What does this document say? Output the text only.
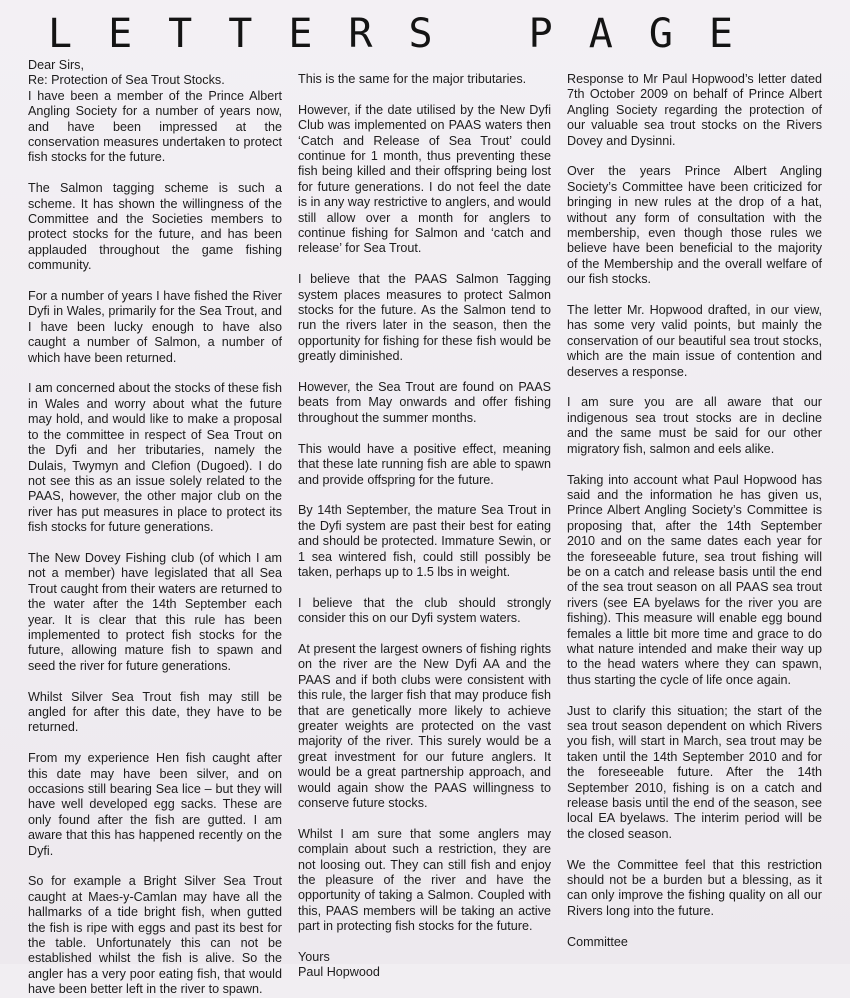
LETTERS PAGE

Dear Sirs,

Re: Protection of Sea Trout Stocks.

I have been a member of the Prince Albert Angling Society for a number of years now, and have been impressed at the conservation measures undertaken to protect fish stocks for the future.

The Salmon tagging scheme is such a scheme. It has shown the willingness of the Committee and the Societies members to protect stocks for the future, and has been applauded throughout the game fishing community.

For a number of years I have fished the River Dyfi in Wales, primarily for the Sea Trout, and I have been lucky enough to have also caught a number of Salmon, a number of which have been returned.

I am concerned about the stocks of these fish in Wales and worry about what the future may hold, and would like to make a proposal to the committee in respect of Sea Trout on the Dyfi and her tributaries, namely the Dulais, Twymyn and Clefion (Dugoed). I do not see this as an issue solely related to the PAAS, however, the other major club on the river has put measures in place to protect its fish stocks for future generations.

The New Dovey Fishing club (of which I am not a member) have legislated that all Sea Trout caught from their waters are returned to the water after the 14th September each year. It is clear that this rule has been implemented to protect fish stocks for the future, allowing mature fish to spawn and seed the river for future generations.

Whilst Silver Sea Trout fish may still be angled for after this date, they have to be returned.

From my experience Hen fish caught after this date may have been silver, and on occasions still bearing Sea lice – but they will have well developed egg sacks. These are only found after the fish are gutted. I am aware that this has happened recently on the Dyfi.

So for example a Bright Silver Sea Trout caught at Maes-y-Camlan may have all the hallmarks of a tide bright fish, when gutted the fish is ripe with eggs and past its best for the table. Unfortunately this can not be established whilst the fish is alive. So the angler has a very poor eating fish, that would have been better left in the river to spawn.

This is the same for the major tributaries.

However, if the date utilised by the New Dyfi Club was implemented on PAAS waters then ‘Catch and Release of Sea Trout’ could continue for 1 month, thus preventing these fish being killed and their offspring being lost for future generations. I do not feel the date is in any way restrictive to anglers, and would still allow over a month for anglers to continue fishing for Salmon and ‘catch and release’ for Sea Trout.

I believe that the PAAS Salmon Tagging system places measures to protect Salmon stocks for the future. As the Salmon tend to run the rivers later in the season, then the opportunity for fishing for these fish would be greatly diminished.

However, the Sea Trout are found on PAAS beats from May onwards and offer fishing throughout the summer months.

This would have a positive effect, meaning that these late running fish are able to spawn and provide offspring for the future.

By 14th September, the mature Sea Trout in the Dyfi system are past their best for eating and should be protected. Immature Sewin, or 1 sea wintered fish, could still possibly be taken, perhaps up to 1.5 lbs in weight.

I believe that the club should strongly consider this on our Dyfi system waters.

At present the largest owners of fishing rights on the river are the New Dyfi AA and the PAAS and if both clubs were consistent with this rule, the larger fish that may produce fish that are genetically more likely to achieve greater weights are protected on the vast majority of the river. This surely would be a great investment for our future anglers. It would be a great partnership approach, and would again show the PAAS willingness to conserve future stocks.

Whilst I am sure that some anglers may complain about such a restriction, they are not loosing out. They can still fish and enjoy the pleasure of the river and have the opportunity of taking a Salmon. Coupled with this, PAAS members will be taking an active part in protecting fish stocks for the future.

Yours

Paul Hopwood

Response to Mr Paul Hopwood’s letter dated 7th October 2009 on behalf of Prince Albert Angling Society regarding the protection of our valuable sea trout stocks on the Rivers Dovey and Dysinni.

Over the years Prince Albert Angling Society’s Committee have been criticized for bringing in new rules at the drop of a hat, without any form of consultation with the membership, even though those rules we believe have been beneficial to the majority of the Membership and the overall welfare of our fish stocks.

The letter Mr. Hopwood drafted, in our view, has some very valid points, but mainly the conservation of our beautiful sea trout stocks, which are the main issue of contention and deserves a response.

I am sure you are all aware that our indigenous sea trout stocks are in decline and the same must be said for our other migratory fish, salmon and eels alike.

Taking into account what Paul Hopwood has said and the information he has given us, Prince Albert Angling Society’s Committee is proposing that, after the 14th September 2010 and on the same dates each year for the foreseeable future, sea trout fishing will be on a catch and release basis until the end of the sea trout season on all PAAS sea trout rivers (see EA byelaws for the river you are fishing). This measure will enable egg bound females a little bit more time and grace to do what nature intended and make their way up to the head waters where they can spawn, thus starting the cycle of life once again.

Just to clarify this situation; the start of the sea trout season dependent on which Rivers you fish, will start in March, sea trout may be taken until the 14th September 2010 and for the foreseeable future. After the 14th September 2010, fishing is on a catch and release basis until the end of the season, see local EA byelaws. The interim period will be the closed season.

We the Committee feel that this restriction should not be a burden but a blessing, as it can only improve the fishing quality on all our Rivers long into the future.

Committee
